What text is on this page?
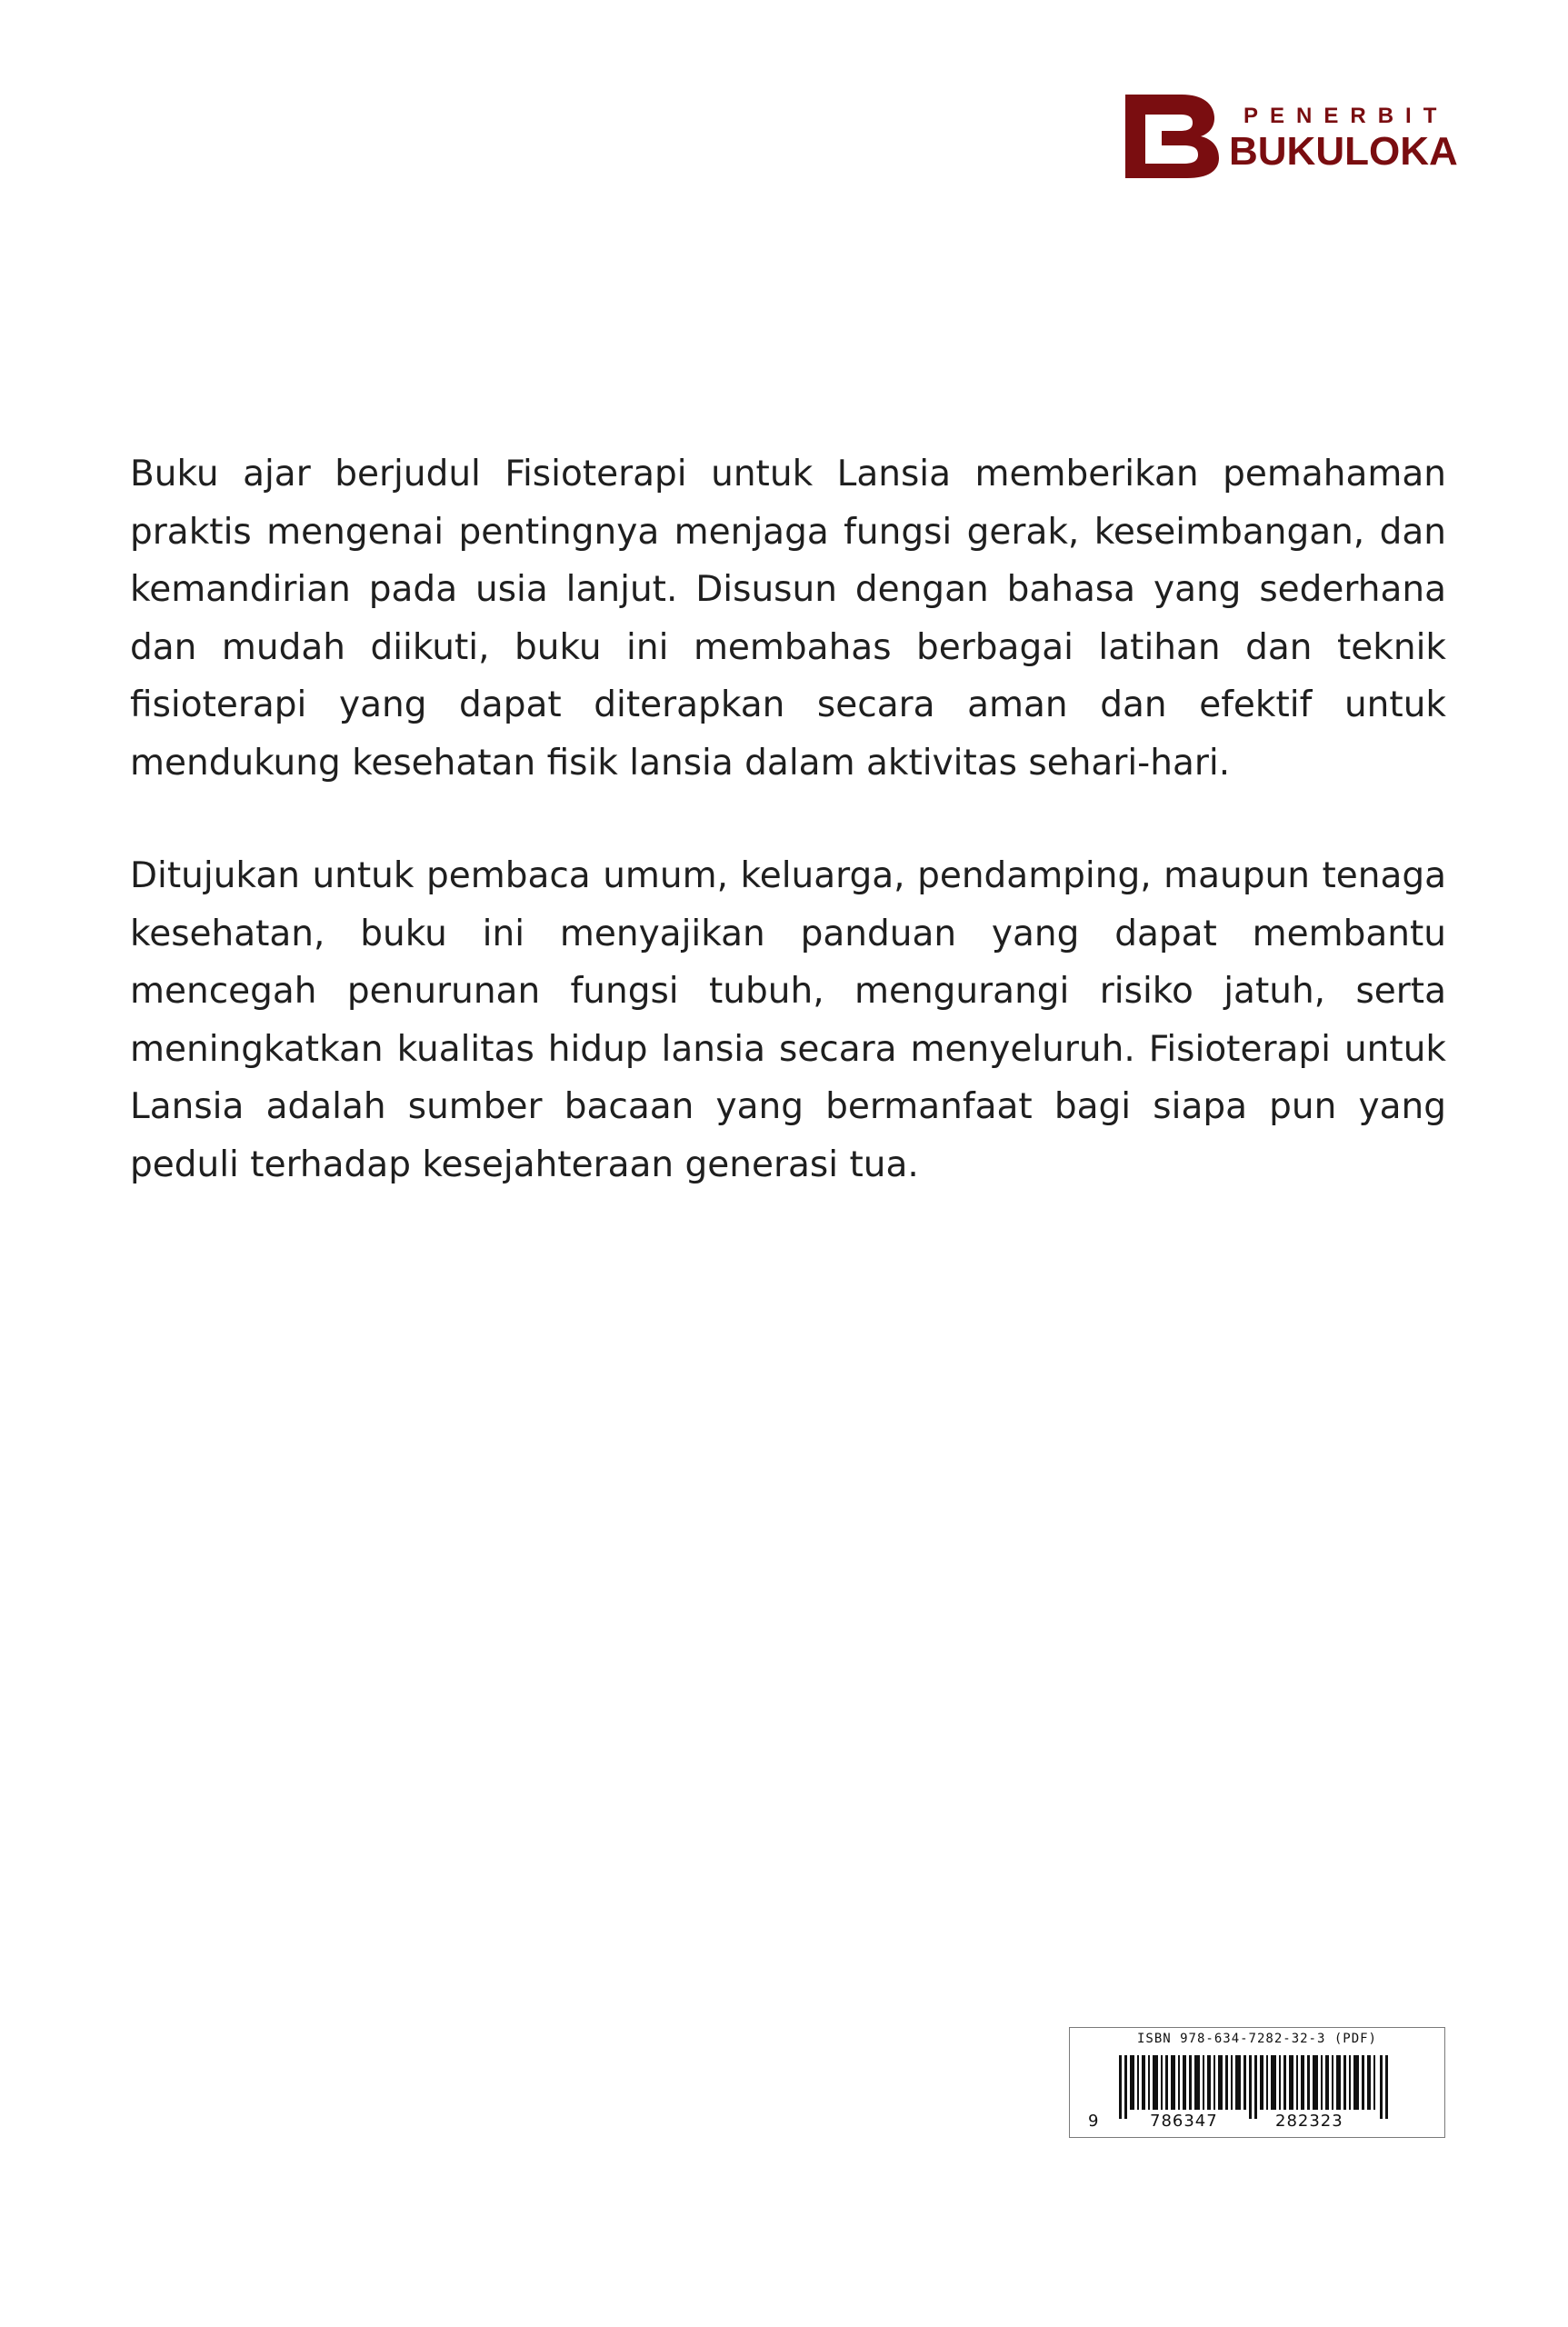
PENERBIT
BUKULOKA

Buku ajar berjudul Fisioterapi untuk Lansia memberikan pemahaman praktis mengenai pentingnya menjaga fungsi gerak, keseimbangan, dan kemandirian pada usia lanjut. Disusun dengan bahasa yang sederhana dan mudah diikuti, buku ini membahas berbagai latihan dan teknik fisioterapi yang dapat diterapkan secara aman dan efektif untuk mendukung kesehatan fisik lansia dalam aktivitas sehari-hari.

Ditujukan untuk pembaca umum, keluarga, pendamping, maupun tenaga kesehatan, buku ini menyajikan panduan yang dapat membantu mencegah penurunan fungsi tubuh, mengurangi risiko jatuh, serta meningkatkan kualitas hidup lansia secara menyeluruh. Fisioterapi untuk Lansia adalah sumber bacaan yang bermanfaat bagi siapa pun yang peduli terhadap kesejahteraan generasi tua.

ISBN 978-634-7282-32-3 (PDF)
9	786347	282323
